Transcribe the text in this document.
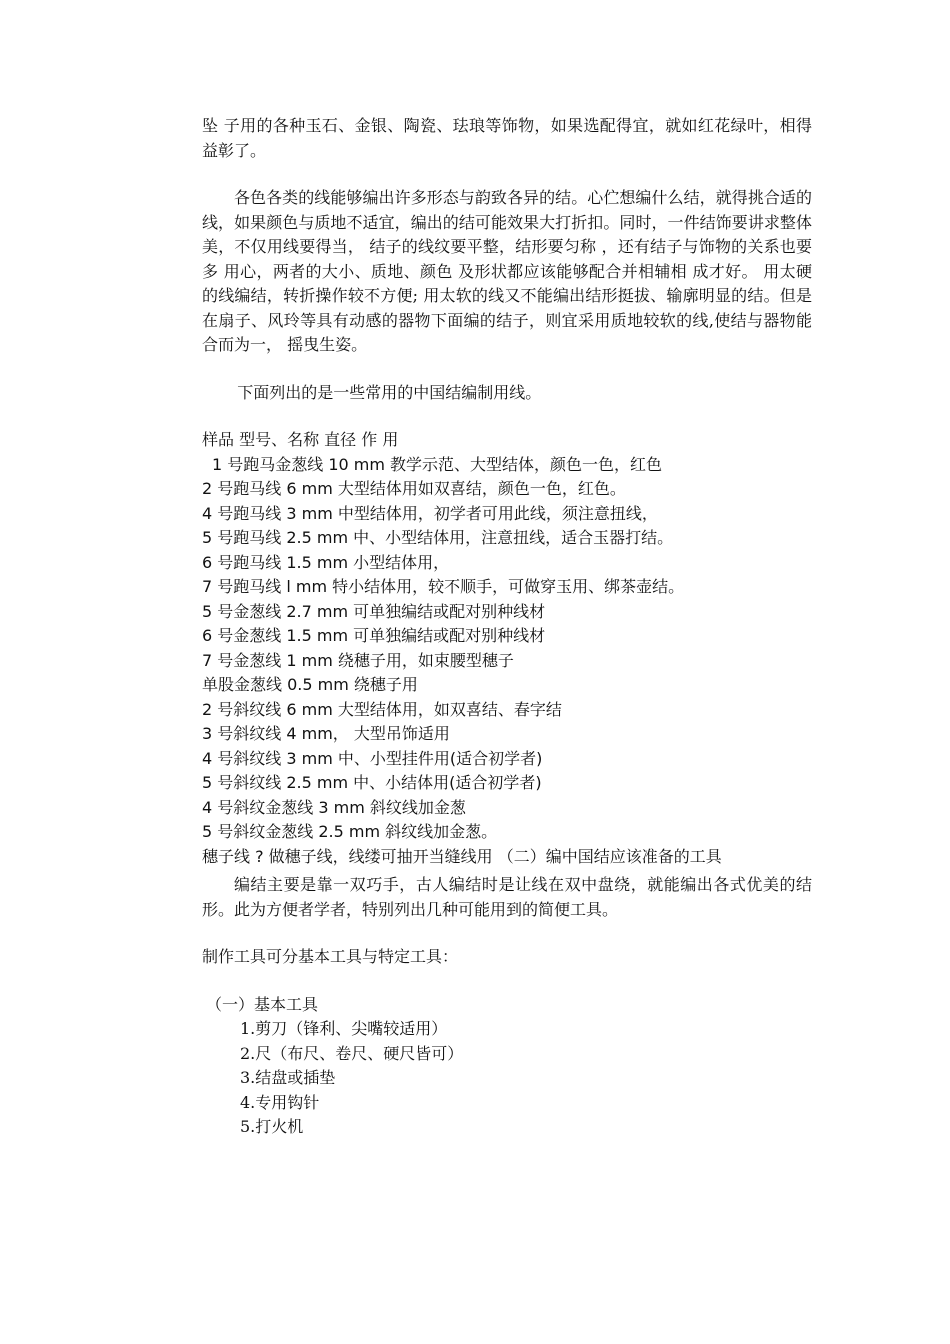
坠 子用的各种玉石、金银、陶瓷、珐琅等饰物，如果选配得宜，就如红花绿叶，相得益彰了。

各色各类的线能够编出许多形态与韵致各异的结。心伫想编什么结，就得挑合适的线，如果颜色与质地不适宜，编出的结可能效果大打折扣。同时，一件结饰要讲求整体美，不仅用线要得当， 结子的线纹要平整，结形要匀称 ，还有结子与饰物的关系也要多 用心，两者的大小、质地、颜色 及形状都应该能够配合并相辅相 成才好。 用太硬的线编结，转折操作较不方便; 用太软的线又不能编出结形挺拔、输廓明显的结。但是在扇子、风玲等具有动感的器物下面编的结子，则宜采用质地较软的线,使结与器物能合而为一， 摇曳生姿。

下面列出的是一些常用的中国结编制用线。

样品 型号、名称 直径 作 用
1 号跑马金葱线 10 mm 教学示范、大型结体，颜色一色，红色
2 号跑马线 6 mm 大型结体用如双喜结，颜色一色，红色。
4 号跑马线 3 mm 中型结体用，初学者可用此线，须注意扭线，
5 号跑马线 2.5 mm 中、小型结体用，注意扭线，适合玉器打结。
6 号跑马线 1.5 mm 小型结体用，
7 号跑马线 l mm 特小结体用，较不顺手，可做穿玉用、绑茶壶结。
5 号金葱线 2.7 mm 可单独编结或配对别种线材
6 号金葱线 1.5 mm 可单独编结或配对别种线材
7 号金葱线 1 mm 绕穗子用，如束腰型穗子
单股金葱线 0.5 mm 绕穗子用
2 号斜纹线 6 mm 大型结体用，如双喜结、春字结
3 号斜纹线 4 mm， 大型吊饰适用
4 号斜纹线 3 mm 中、小型挂件用(适合初学者)
5 号斜纹线 2.5 mm 中、小结体用(适合初学者)
4 号斜纹金葱线 3 mm 斜纹线加金葱
5 号斜纹金葱线 2.5 mm 斜纹线加金葱。
穗子线 ? 做穗子线，线缕可抽开当缝线用 （二）编中国结应该准备的工具

编结主要是靠一双巧手，古人编结时是让线在双中盘绕，就能编出各式优美的结形。此为方便者学者，特别列出几种可能用到的简便工具。

制作工具可分基本工具与特定工具：

（一）基本工具
1.剪刀（锋利、尖嘴较适用）
2.尺（布尺、卷尺、硬尺皆可）
3.结盘或插垫
4.专用钩针
5.打火机
